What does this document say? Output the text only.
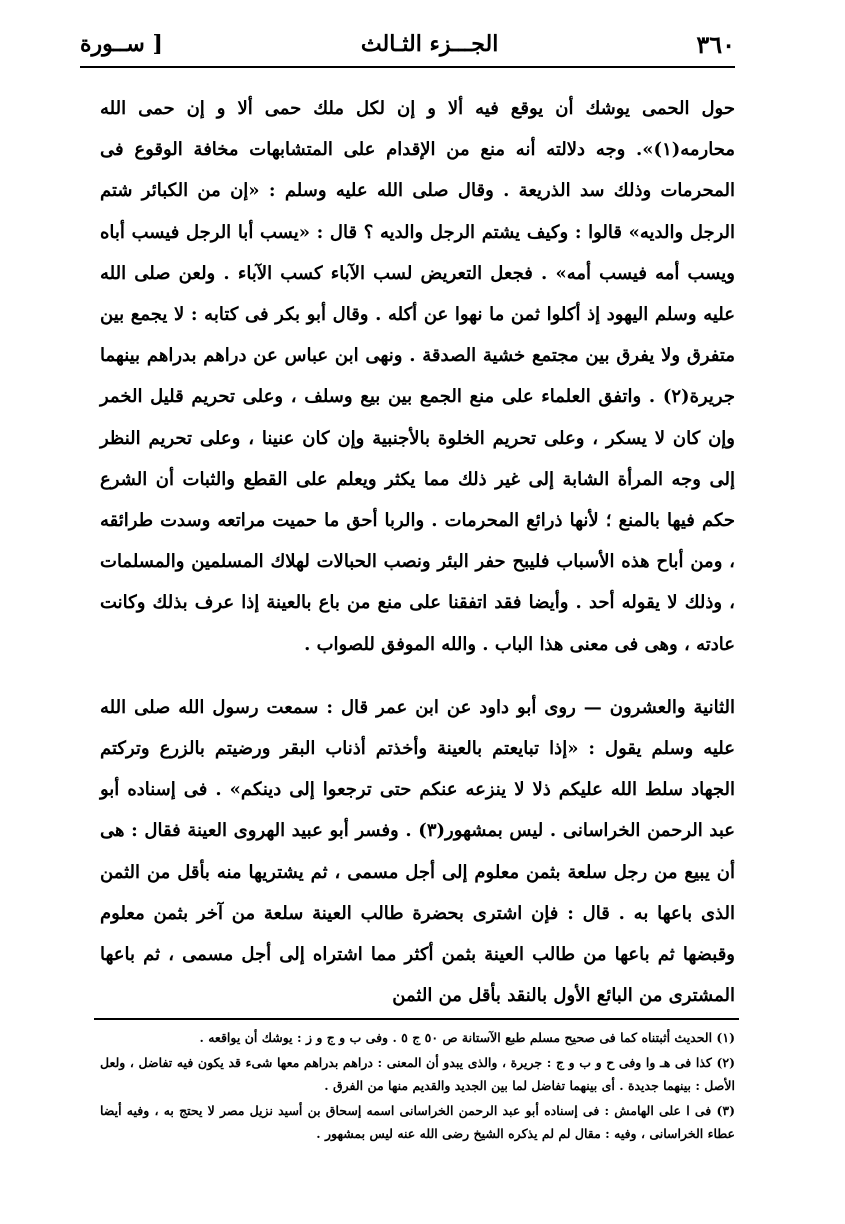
٣٦٠
الجـــزء الثـالث
[ ســورة

حول الحمى يوشك أن يوقع فيه ألا و إن لكل ملك حمى ألا و إن حمى الله محارمه(١)». وجه دلالته أنه منع من الإقدام على المتشابهات مخافة الوقوع فى المحرمات وذلك سد الذريعة . وقال صلى الله عليه وسلم : «إن من الكبائر شتم الرجل والديه» قالوا : وكيف يشتم الرجل والديه ؟ قال : «يسب أبا الرجل فيسب أباه ويسب أمه فيسب أمه» . فجعل التعريض لسب الآباء كسب الآباء . ولعن صلى الله عليه وسلم اليهود إذ أكلوا ثمن ما نهوا عن أكله . وقال أبو بكر فى كتابه : لا يجمع بين متفرق ولا يفرق بين مجتمع خشية الصدقة . ونهى ابن عباس عن دراهم بدراهم بينهما جريرة(٢) . واتفق العلماء على منع الجمع بين بيع وسلف ، وعلى تحريم قليل الخمر وإن كان لا يسكر ، وعلى تحريم الخلوة بالأجنبية وإن كان عنينا ، وعلى تحريم النظر إلى وجه المرأة الشابة إلى غير ذلك مما يكثر ويعلم على القطع والثبات أن الشرع حكم فيها بالمنع ؛ لأنها ذرائع المحرمات . والربا أحق ما حميت مراتعه وسدت طرائقه ، ومن أباح هذه الأسباب فليبح حفر البئر ونصب الحبالات لهلاك المسلمين والمسلمات ، وذلك لا يقوله أحد . وأيضا فقد اتفقنا على منع من باع بالعينة إذا عرف بذلك وكانت عادته ، وهى فى معنى هذا الباب . والله الموفق للصواب .

الثانية والعشرون — روى أبو داود عن ابن عمر قال : سمعت رسول الله صلى الله عليه وسلم يقول : «إذا تبايعتم بالعينة وأخذتم أذناب البقر ورضيتم بالزرع وتركتم الجهاد سلط الله عليكم ذلا لا ينزعه عنكم حتى ترجعوا إلى دينكم» . فى إسناده أبو عبد الرحمن الخراسانى . ليس بمشهور(٣) . وفسر أبو عبيد الهروى العينة فقال : هى أن يبيع من رجل سلعة بثمن معلوم إلى أجل مسمى ، ثم يشتريها منه بأقل من الثمن الذى باعها به . قال : فإن اشترى بحضرة طالب العينة سلعة من آخر بثمن معلوم وقبضها ثم باعها من طالب العينة بثمن أكثر مما اشتراه إلى أجل مسمى ، ثم باعها المشترى من البائع الأول بالنقد بأقل من الثمن

(١) الحديث أثبتناه كما فى صحيح مسلم طبع الآستانة ص ٥٠ ج ٥ . وفى ب و ج و ز : يوشك أن يواقعه .

(٢) كذا فى هـ وا وفى ح و ب و ج : جريرة ، والذى يبدو أن المعنى : دراهم بدراهم معها شىء قد يكون فيه تفاضل ، ولعل الأصل : بينهما جديدة . أى بينهما تفاضل لما بين الجديد والقديم منها من الفرق .

(٣) فى ا على الهامش : فى إسناده أبو عبد الرحمن الخراسانى اسمه إسحاق بن أسيد نزيل مصر لا يحتج به ، وفيه أيضا عطاء الخراسانى ، وفيه : مقال لم لم يذكره الشيخ رضى الله عنه ليس بمشهور .
